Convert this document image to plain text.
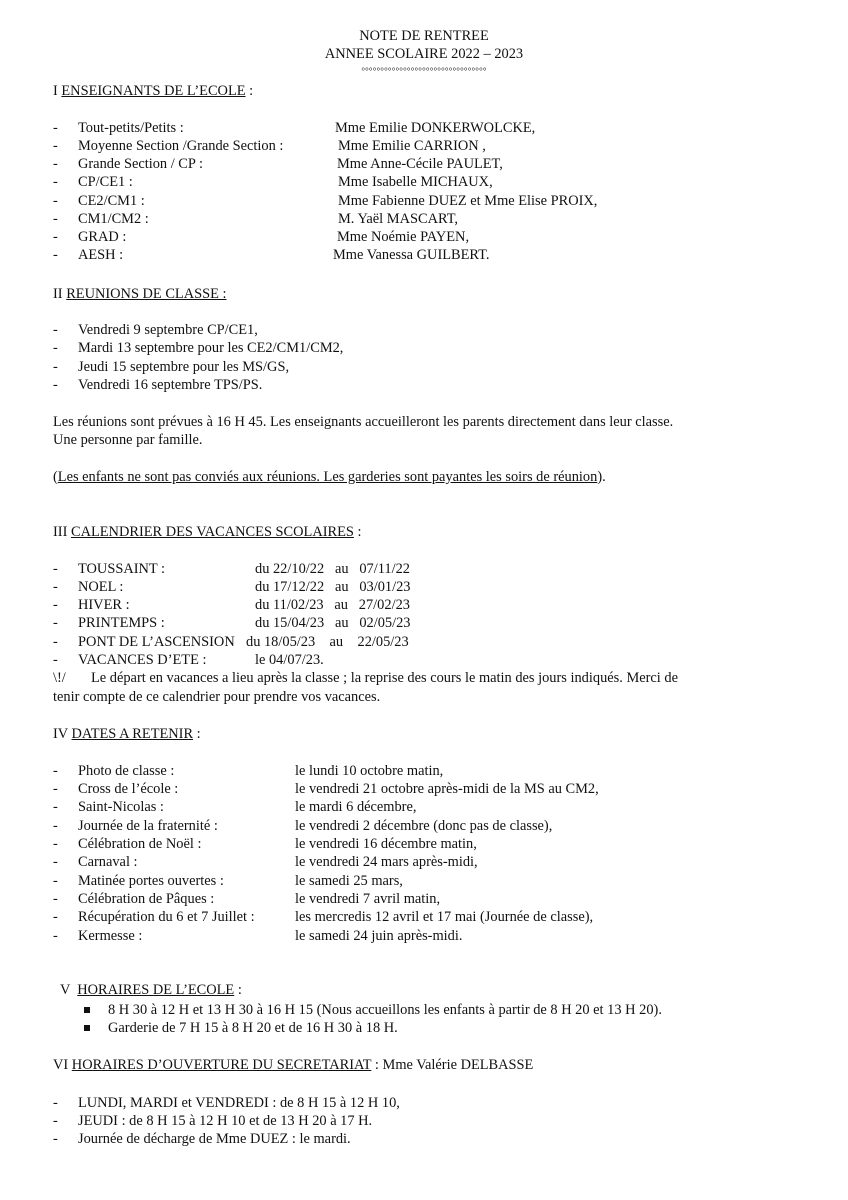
NOTE DE RENTREE
ANNEE SCOLAIRE 2022 – 2023
°°°°°°°°°°°°°°°°°°°°°°°°°°°°°°°°°
I ENSEIGNANTS DE L’ECOLE :
- Tout-petits/Petits :	Mme Emilie DONKERWOLCKE,
- Moyenne Section /Grande Section :	Mme Emilie CARRION ,
- Grande Section / CP :	Mme Anne-Cécile PAULET,
- CP/CE1 :	Mme Isabelle MICHAUX,
- CE2/CM1 :	Mme Fabienne DUEZ et Mme Elise PROIX,
- CM1/CM2 :	M. Yaël MASCART,
- GRAD :	Mme Noémie PAYEN,
- AESH :	Mme Vanessa GUILBERT.
II REUNIONS DE CLASSE :
- Vendredi 9 septembre CP/CE1,
- Mardi 13 septembre pour les CE2/CM1/CM2,
- Jeudi 15 septembre pour les MS/GS,
- Vendredi 16 septembre TPS/PS.
Les réunions sont prévues à 16 H 45. Les enseignants accueilleront les parents directement dans leur classe.
Une personne par famille.
(Les enfants ne sont pas conviés aux réunions. Les garderies sont payantes les soirs de réunion).
III CALENDRIER DES VACANCES SCOLAIRES :
- TOUSSAINT :	du 22/10/22   au   07/11/22
- NOEL :	du 17/12/22   au   03/01/23
- HIVER :	du 11/02/23   au   27/02/23
- PRINTEMPS :	du 15/04/23   au   02/05/23
- PONT DE L’ASCENSION du 18/05/23    au    22/05/23
- VACANCES D’ETE :	le 04/07/23.
\!/ Le départ en vacances a lieu après la classe ; la reprise des cours le matin des jours indiqués. Merci de
tenir compte de ce calendrier pour prendre vos vacances.
IV DATES A RETENIR :
- Photo de classe :	le lundi 10 octobre matin,
- Cross de l’école :	le vendredi 21 octobre après-midi de la MS au CM2,
- Saint-Nicolas :	le mardi 6 décembre,
- Journée de la fraternité :	le vendredi 2 décembre (donc pas de classe),
- Célébration de Noël :	le vendredi 16 décembre matin,
- Carnaval :	le vendredi 24 mars après-midi,
- Matinée portes ouvertes :	le samedi 25 mars,
- Célébration de Pâques :	le vendredi 7 avril matin,
- Récupération du 6 et 7 Juillet :	les mercredis 12 avril et 17 mai (Journée de classe),
- Kermesse :	le samedi 24 juin après-midi.

V  HORAIRES DE L’ECOLE :

8 H 30 à 12 H et 13 H 30 à 16 H 15 (Nous accueillons les enfants à partir de 8 H 20 et 13 H 20).
Garderie de 7 H 15 à 8 H 20 et de 16 H 30 à 18 H.
VI HORAIRES D’OUVERTURE DU SECRETARIAT : Mme Valérie DELBASSE
- LUNDI, MARDI et VENDREDI : de 8 H 15 à 12 H 10,
- JEUDI : de 8 H 15 à 12 H 10 et de 13 H 20 à 17 H.
- Journée de décharge de Mme DUEZ : le mardi.
